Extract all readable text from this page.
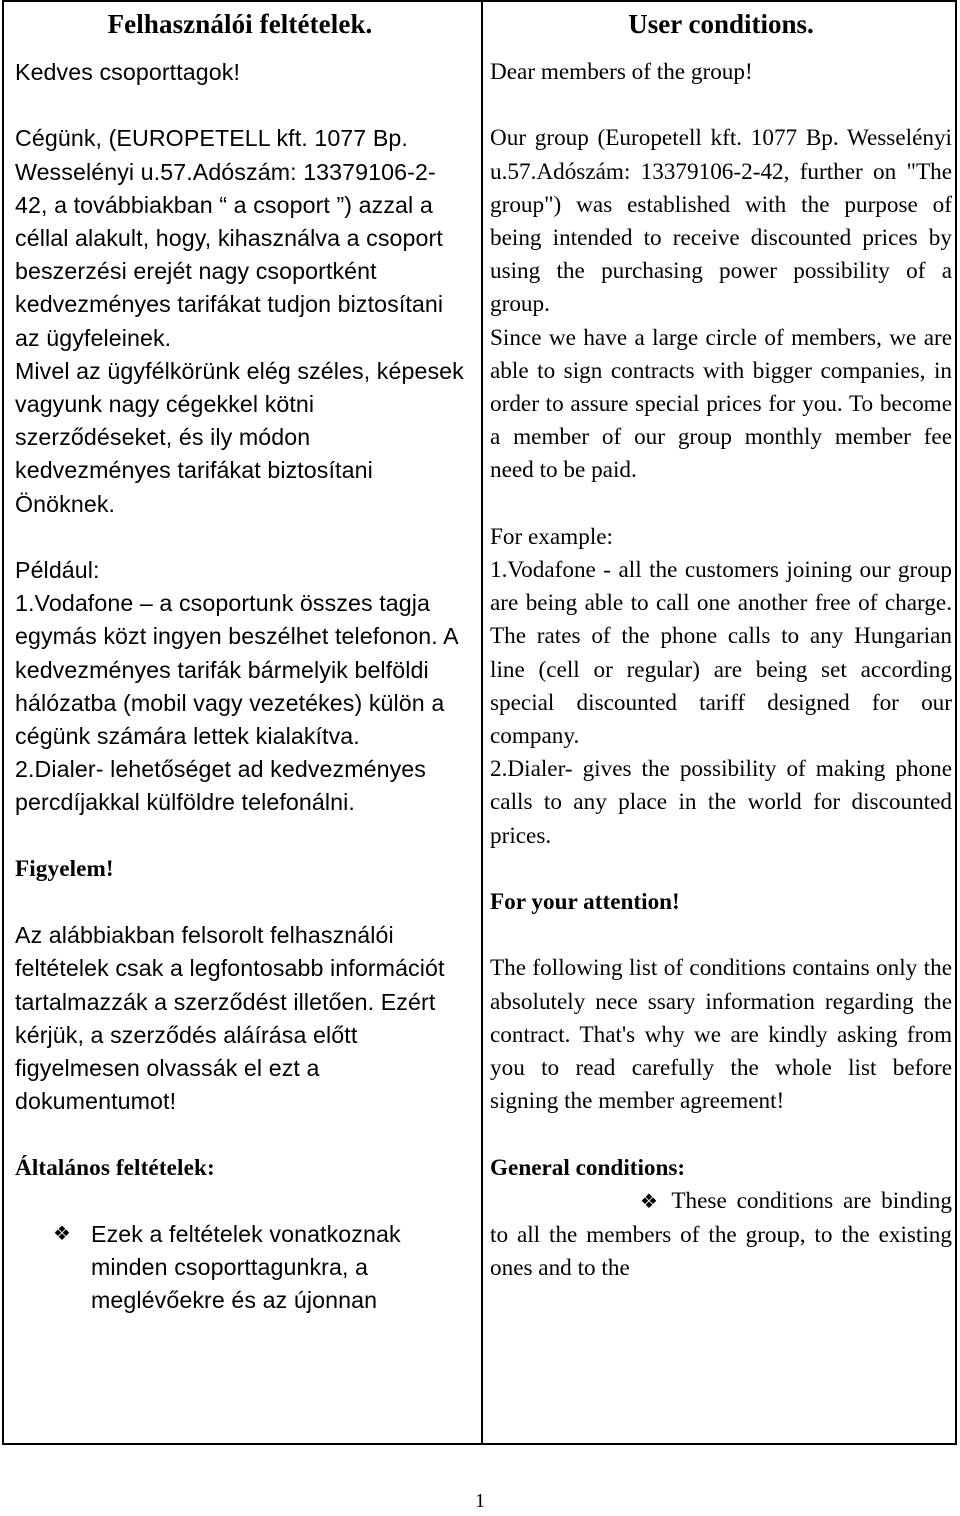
Felhasználói feltételek.

Kedves csoporttagok!

Cégünk, (EUROPETELL kft. 1077 Bp. Wesselényi u.57.Adószám: 13379106-2-42, a továbbiakban “ a csoport ”) azzal a céllal alakult, hogy, kihasználva a csoport beszerzési erejét nagy csoportként kedvezményes tarifákat tudjon biztosítani az ügyfeleinek.

Mivel az ügyfélkörünk elég széles, képesek vagyunk nagy cégekkel kötni szerződéseket, és ily módon kedvezményes tarifákat biztosítani Önöknek.

Például:

1.Vodafone – a csoportunk összes tagja egymás közt ingyen beszélhet telefonon. A kedvezményes tarifák bármelyik belföldi hálózatba (mobil vagy vezetékes) külön a cégünk számára lettek kialakítva.

2.Dialer- lehetőséget ad kedvezményes percdíjakkal külföldre telefonálni.

Figyelem!

Az alábbiakban felsorolt felhasználói feltételek csak a legfontosabb információt tartalmazzák a szerződést illetően. Ezért kérjük, a szerződés aláírása előtt figyelmesen olvassák el ezt a dokumentumot!

Általános feltételek:

❖ Ezek a feltételek vonatkoznak minden csoporttagunkra, a meglévőekre és az újonnan
User conditions.

Dear members of the group!

Our group (Europetell kft. 1077 Bp. Wesselényi u.57.Adószám: 13379106-2-42, further on "The group") was established with the purpose of being intended to receive discounted prices by using the purchasing power possibility of a group.

Since we have a large circle of members, we are able to sign contracts with bigger companies, in order to assure special prices for you. To become a member of our group monthly member fee need to be paid.

For example:

1.Vodafone - all the customers joining our group are being able to call one another free of charge. The rates of the phone calls to any Hungarian line (cell or regular) are being set according special discounted tariff designed for our company.

2.Dialer- gives the possibility of making phone calls to any place in the world for discounted prices.

For your attention!

The following list of conditions contains only the absolutely nece ssary information regarding the contract. That's why we are kindly asking from you to read carefully the whole list before signing the member agreement!

General conditions:

❖ These conditions are binding to all the members of the group, to the existing ones and to the

1
